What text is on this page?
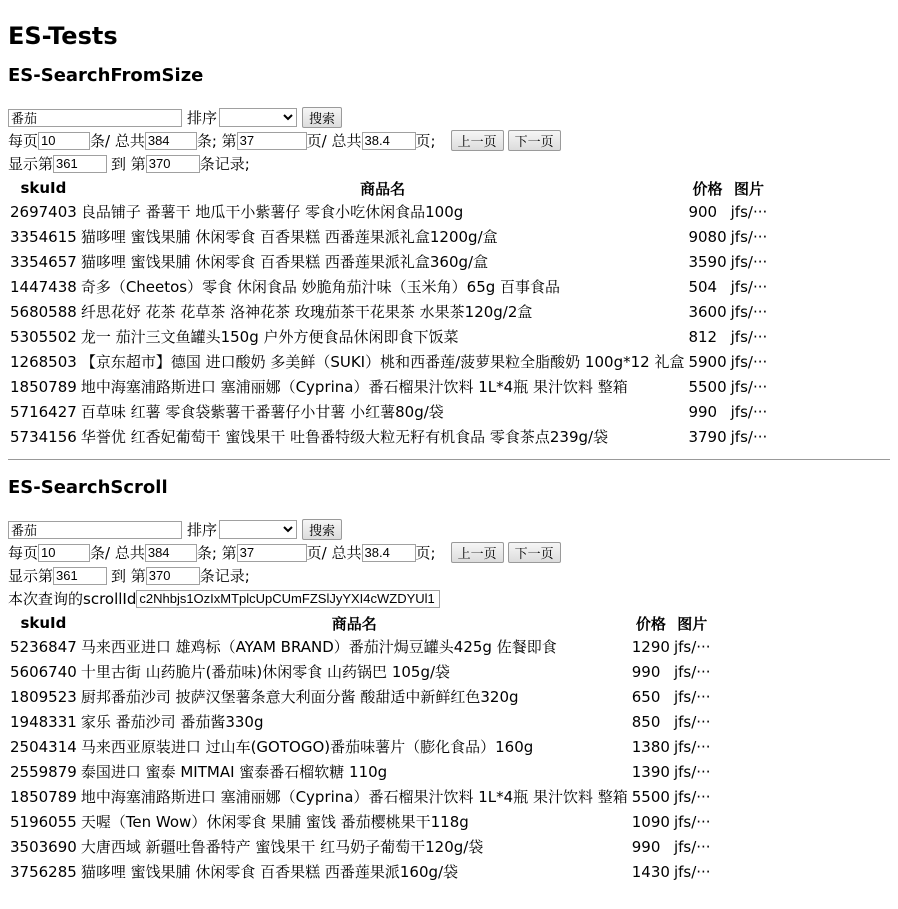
ES-Tests
ES-SearchFromSize
番茄
排序	搜索
每页
10	条/ 总共
384	条; 第
37	页/ 总共
38.4	页;	上一页	下一页
显示第
361	到 第
370	条记录;
skuId	商品名	价格	图片
2697403	良品铺子 番薯干 地瓜干小紫薯仔 零食小吃休闲食品100g	900	jfs/···
3354615	猫哆哩 蜜饯果脯 休闲零食 百香果糕 西番莲果派礼盒1200g/盒	9080	jfs/···
3354657	猫哆哩 蜜饯果脯 休闲零食 百香果糕 西番莲果派礼盒360g/盒	3590	jfs/···
1447438	奇多（Cheetos）零食 休闲食品 妙脆角茄汁味（玉米角）65g 百事食品	504	jfs/···
5680588	纤思花妤 花茶 花草茶 洛神花茶 玫瑰茄茶干花果茶 水果茶120g/2盒	3600	jfs/···
5305502	龙一 茄汁三文鱼罐头150g 户外方便食品休闲即食下饭菜	812	jfs/···
1268503	【京东超市】德国 进口酸奶 多美鲜（SUKI）桃和西番莲/菠萝果粒全脂酸奶 100g*12 礼盒	5900	jfs/···
1850789	地中海塞浦路斯进口 塞浦丽娜（Cyprina）番石榴果汁饮料 1L*4瓶 果汁饮料 整箱	5500	jfs/···
5716427	百草味 红薯 零食袋紫薯干番薯仔小甘薯 小红薯80g/袋	990	jfs/···
5734156	华誉优 红香妃葡萄干 蜜饯果干 吐鲁番特级大粒无籽有机食品 零食茶点239g/袋	3790	jfs/···
ES-SearchScroll
番茄
排序	搜索
每页
10	条/ 总共
384	条; 第
37	页/ 总共
38.4	页;	上一页	下一页
显示第
361	到 第
370	条记录;
本次查询的scrollId
c2Nhbjs1OzIxMTplcUpCUmFZSlJyYXI4cWZDYUl1
skuId	商品名	价格	图片
5236847	马来西亚进口 雄鸡标（AYAM BRAND）番茄汁焗豆罐头425g 佐餐即食	1290	jfs/···
5606740	十里古街 山药脆片(番茄味)休闲零食 山药锅巴 105g/袋	990	jfs/···
1809523	厨邦番茄沙司 披萨汉堡薯条意大利面分酱 酸甜适中新鲜红色320g	650	jfs/···
1948331	家乐 番茄沙司 番茄酱330g	850	jfs/···
2504314	马来西亚原装进口 过山车(GOTOGO)番茄味薯片（膨化食品）160g	1380	jfs/···
2559879	泰国进口 蜜泰 MITMAI 蜜泰番石榴软糖 110g	1390	jfs/···
1850789	地中海塞浦路斯进口 塞浦丽娜（Cyprina）番石榴果汁饮料 1L*4瓶 果汁饮料 整箱	5500	jfs/···
5196055	天喔（Ten Wow）休闲零食 果脯 蜜饯 番茄樱桃果干118g	1090	jfs/···
3503690	大唐西域 新疆吐鲁番特产 蜜饯果干 红马奶子葡萄干120g/袋	990	jfs/···
3756285	猫哆哩 蜜饯果脯 休闲零食 百香果糕 西番莲果派160g/袋	1430	jfs/···
